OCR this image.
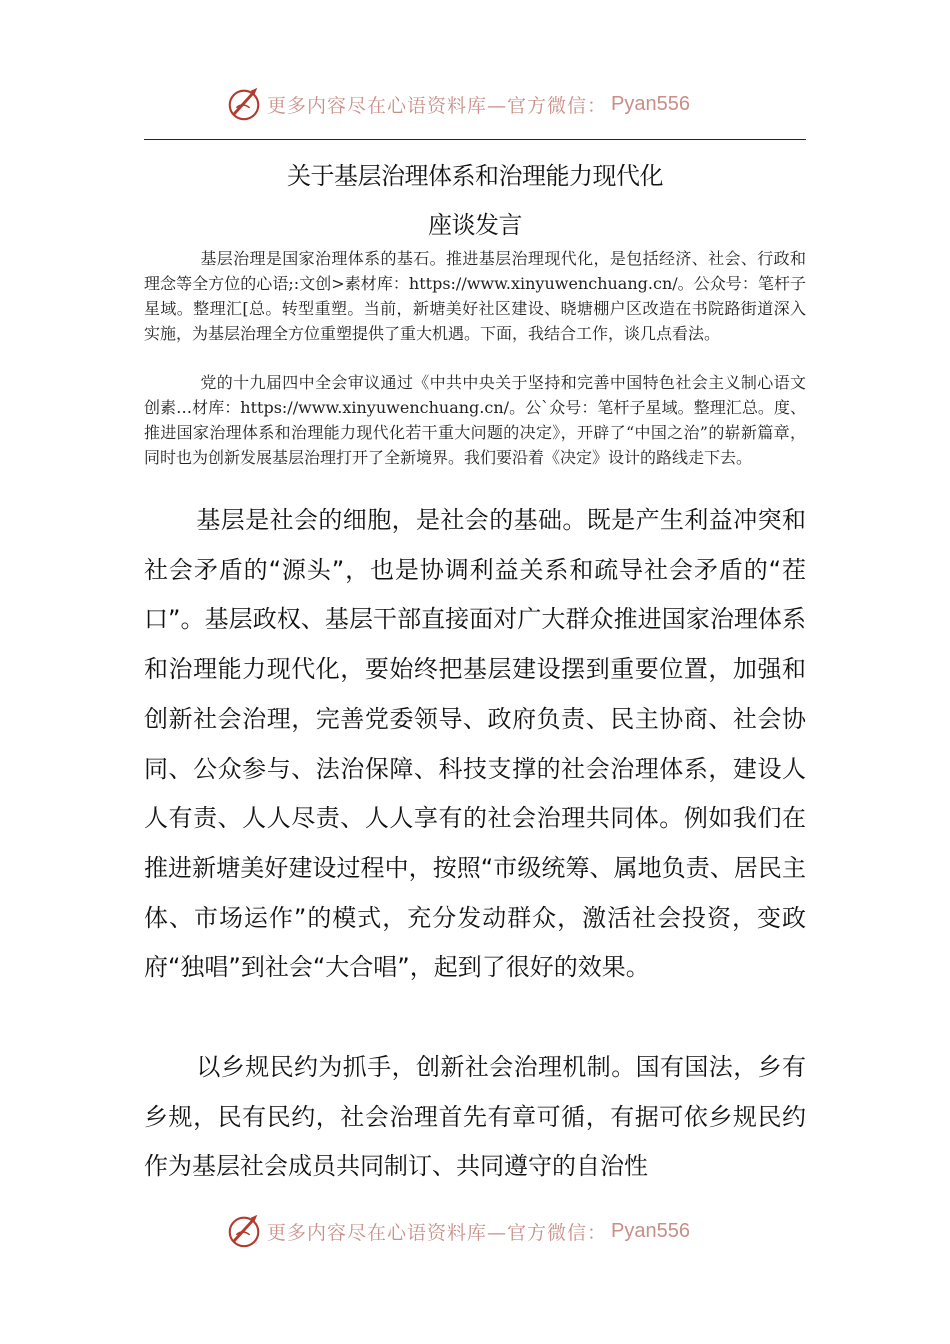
更多内容尽在心语资料库—官方微信： Pyan556
关于基层治理体系和治理能力现代化
座谈发言

基层治理是国家治理体系的基石。推进基层治理现代化，是包括经济、社会、行政和理念等全方位的心语;:文创>素材库：https://www.xinyuwenchuang.cn/。公众号：笔杆子星域。整理汇[总。转型重塑。当前，新塘美好社区建设、晓塘棚户区改造在书院路街道深入实施，为基层治理全方位重塑提供了重大机遇。下面，我结合工作，谈几点看法。

党的十九届四中全会审议通过《中共中央关于坚持和完善中国特色社会主义制心语文创素…材库：https://www.xinyuwenchuang.cn/。公`众号：笔杆子星域。整理汇总。度、推进国家治理体系和治理能力现代化若干重大问题的决定》，开辟了“中国之治”的崭新篇章，同时也为创新发展基层治理打开了全新境界。我们要沿着《决定》设计的路线走下去。

基层是社会的细胞，是社会的基础。既是产生利益冲突和社会矛盾的“源头”，也是协调利益关系和疏导社会矛盾的“茬口”。基层政权、基层干部直接面对广大群众推进国家治理体系和治理能力现代化，要始终把基层建设摆到重要位置，加强和创新社会治理，完善党委领导、政府负责、民主协商、社会协同、公众参与、法治保障、科技支撑的社会治理体系，建设人人有责、人人尽责、人人享有的社会治理共同体。例如我们在推进新塘美好建设过程中，按照“市级统筹、属地负责、居民主体、市场运作”的模式，充分发动群众，激活社会投资，变政府“独唱”到社会“大合唱”，起到了很好的效果。

以乡规民约为抓手，创新社会治理机制。国有国法，乡有乡规，民有民约，社会治理首先有章可循，有据可依乡规民约作为基层社会成员共同制订、共同遵守的自治性

更多内容尽在心语资料库—官方微信： Pyan556
